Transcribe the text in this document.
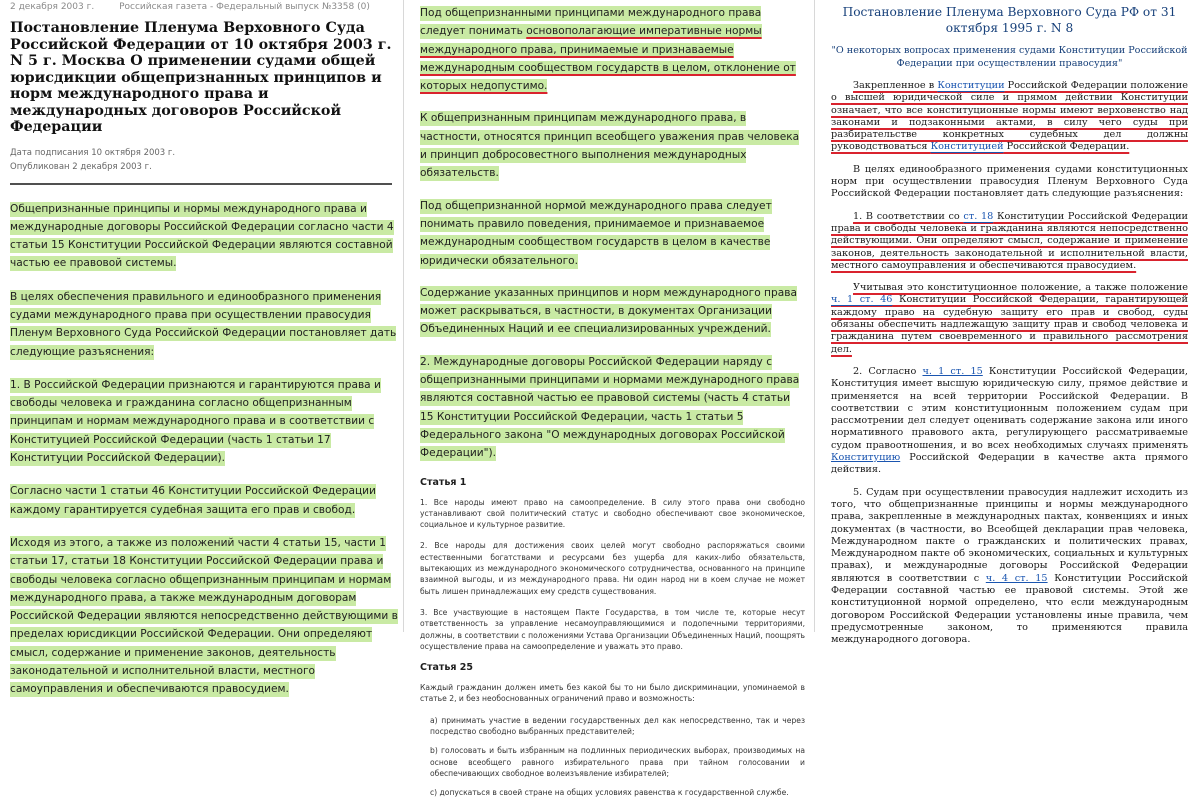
2 декабря 2003 г.	Российская газета - Федеральный выпуск №3358 (0)
Постановление Пленума Верховного Суда Российской Федерации от 10 октября 2003 г. N 5 г. Москва О применении судами общей юрисдикции общепризнанных принципов и норм международного права и международных договоров Российской Федерации
Дата подписания 10 октября 2003 г.
Опубликован 2 декабря 2003 г.

Общепризнанные принципы и нормы международного права и международные договоры Российской Федерации согласно части 4 статьи 15 Конституции Российской Федерации являются составной частью ее правовой системы.

В целях обеспечения правильного и единообразного применения судами международного права при осуществлении правосудия Пленум Верховного Суда Российской Федерации постановляет дать следующие разъяснения:

1. В Российской Федерации признаются и гарантируются права и свободы человека и гражданина согласно общепризнанным принципам и нормам международного права и в соответствии с Конституцией Российской Федерации (часть 1 статьи 17 Конституции Российской Федерации).

Согласно части 1 статьи 46 Конституции Российской Федерации каждому гарантируется судебная защита его прав и свобод.

Исходя из этого, а также из положений части 4 статьи 15, части 1 статьи 17, статьи 18 Конституции Российской Федерации права и свободы человека согласно общепризнанным принципам и нормам международного права, а также международным договорам Российской Федерации являются непосредственно действующими в пределах юрисдикции Российской Федерации. Они определяют смысл, содержание и применение законов, деятельность законодательной и исполнительной власти, местного самоуправления и обеспечиваются правосудием.

Под общепризнанными принципами международного права следует понимать основополагающие императивные нормы международного права, принимаемые и признаваемые международным сообществом государств в целом, отклонение от которых недопустимо.

К общепризнанным принципам международного права, в частности, относятся принцип всеобщего уважения прав человека и принцип добросовестного выполнения международных обязательств.

Под общепризнанной нормой международного права следует понимать правило поведения, принимаемое и признаваемое международным сообществом государств в целом в качестве юридически обязательного.

Содержание указанных принципов и норм международного права может раскрываться, в частности, в документах Организации Объединенных Наций и ее специализированных учреждений.

2. Международные договоры Российской Федерации наряду с общепризнанными принципами и нормами международного права являются составной частью ее правовой системы (часть 4 статьи 15 Конституции Российской Федерации, часть 1 статьи 5 Федерального закона "О международных договорах Российской Федерации").

Статья 1

1. Все народы имеют право на самоопределение. В силу этого права они свободно устанавливают свой политический статус и свободно обеспечивают свое экономическое, социальное и культурное развитие.

2. Все народы для достижения своих целей могут свободно распоряжаться своими естественными богатствами и ресурсами без ущерба для каких-либо обязательств, вытекающих из международного экономического сотрудничества, основанного на принципе взаимной выгоды, и из международного права. Ни один народ ни в коем случае не может быть лишен принадлежащих ему средств существования.

3. Все участвующие в настоящем Пакте Государства, в том числе те, которые несут ответственность за управление несамоуправляющимися и подопечными территориями, должны, в соответствии с положениями Устава Организации Объединенных Наций, поощрять осуществление права на самоопределение и уважать это право.

Статья 25

Каждый гражданин должен иметь без какой бы то ни было дискриминации, упоминаемой в статье 2, и без необоснованных ограничений право и возможность:

a) принимать участие в ведении государственных дел как непосредственно, так и через посредство свободно выбранных представителей;

b) голосовать и быть избранным на подлинных периодических выборах, производимых на основе всеобщего равного избирательного права при тайном голосовании и обеспечивающих свободное волеизъявление избирателей;

c) допускаться в своей стране на общих условиях равенства к государственной службе.

Постановление Пленума Верховного Суда РФ от 31 октября 1995 г. N 8
"О некоторых вопросах применения судами Конституции Российской Федерации при осуществлении правосудия"

Закрепленное в Конституции Российской Федерации положение о высшей юридической силе и прямом действии Конституции означает, что все конституционные нормы имеют верховенство над законами и подзаконными актами, в силу чего суды при разбирательстве конкретных судебных дел должны руководствоваться Конституцией Российской Федерации.

В целях единообразного применения судами конституционных норм при осуществлении правосудия Пленум Верховного Суда Российской Федерации постановляет дать следующие разъяснения:

1. В соответствии со ст. 18 Конституции Российской Федерации права и свободы человека и гражданина являются непосредственно действующими. Они определяют смысл, содержание и применение законов, деятельность законодательной и исполнительной власти, местного самоуправления и обеспечиваются правосудием.

Учитывая это конституционное положение, а также положение ч. 1 ст. 46 Конституции Российской Федерации, гарантирующей каждому право на судебную защиту его прав и свобод, суды обязаны обеспечить надлежащую защиту прав и свобод человека и гражданина путем своевременного и правильного рассмотрения дел.

2. Согласно ч. 1 ст. 15 Конституции Российской Федерации, Конституция имеет высшую юридическую силу, прямое действие и применяется на всей территории Российской Федерации. В соответствии с этим конституционным положением судам при рассмотрении дел следует оценивать содержание закона или иного нормативного правового акта, регулирующего рассматриваемые судом правоотношения, и во всех необходимых случаях применять Конституцию Российской Федерации в качестве акта прямого действия.

5. Судам при осуществлении правосудия надлежит исходить из того, что общепризнанные принципы и нормы международного права, закрепленные в международных пактах, конвенциях и иных документах (в частности, во Всеобщей декларации прав человека, Международном пакте о гражданских и политических правах, Международном пакте об экономических, социальных и культурных правах), и международные договоры Российской Федерации являются в соответствии с ч. 4 ст. 15 Конституции Российской Федерации составной частью ее правовой системы. Этой же конституционной нормой определено, что если международным договором Российской Федерации установлены иные правила, чем предусмотренные законом, то применяются правила международного договора.
